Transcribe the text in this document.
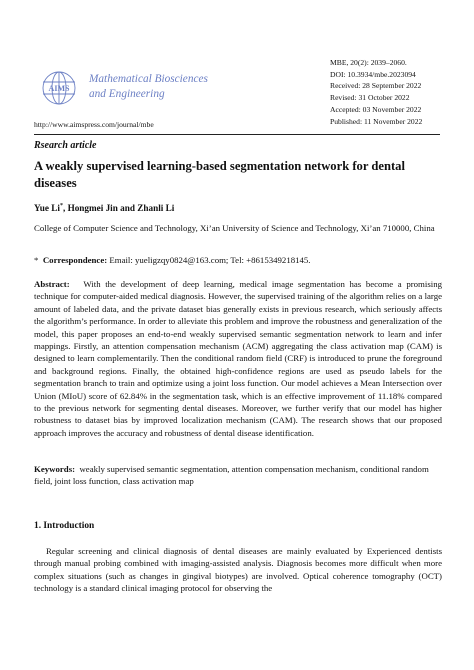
AIMS
Mathematical Biosciences
and Engineering
http://www.aimspress.com/journal/mbe
MBE, 20(2): 2039–2060.
DOI: 10.3934/mbe.2023094
Received: 28 September 2022
Revised: 31 October 2022
Accepted: 03 November 2022
Published: 11 November 2022
Rsearch article
A weakly supervised learning-based segmentation network for dental diseases
Yue Li*, Hongmei Jin and Zhanli Li
College of Computer Science and Technology, Xi’an University of Science and Technology, Xi’an 710000, China
* Correspondence: Email: yueligzqy0824@163.com; Tel: +8615349218145.
Abstract: With the development of deep learning, medical image segmentation has become a promising technique for computer-aided medical diagnosis. However, the supervised training of the algorithm relies on a large amount of labeled data, and the private dataset bias generally exists in previous research, which seriously affects the algorithm’s performance. In order to alleviate this problem and improve the robustness and generalization of the model, this paper proposes an end-to-end weakly supervised semantic segmentation network to learn and infer mappings. Firstly, an attention compensation mechanism (ACM) aggregating the class activation map (CAM) is designed to learn complementarily. Then the conditional random field (CRF) is introduced to prune the foreground and background regions. Finally, the obtained high-confidence regions are used as pseudo labels for the segmentation branch to train and optimize using a joint loss function. Our model achieves a Mean Intersection over Union (MIoU) score of 62.84% in the segmentation task, which is an effective improvement of 11.18% compared to the previous network for segmenting dental diseases. Moreover, we further verify that our model has higher robustness to dataset bias by improved localization mechanism (CAM). The research shows that our proposed approach improves the accuracy and robustness of dental disease identification.
Keywords: weakly supervised semantic segmentation, attention compensation mechanism, conditional random field, joint loss function, class activation map
1. Introduction
Regular screening and clinical diagnosis of dental diseases are mainly evaluated by Experienced dentists through manual probing combined with imaging-assisted analysis. Diagnosis becomes more difficult when more complex situations (such as changes in gingival biotypes) are involved. Optical coherence tomography (OCT) technology is a standard clinical imaging protocol for observing the
